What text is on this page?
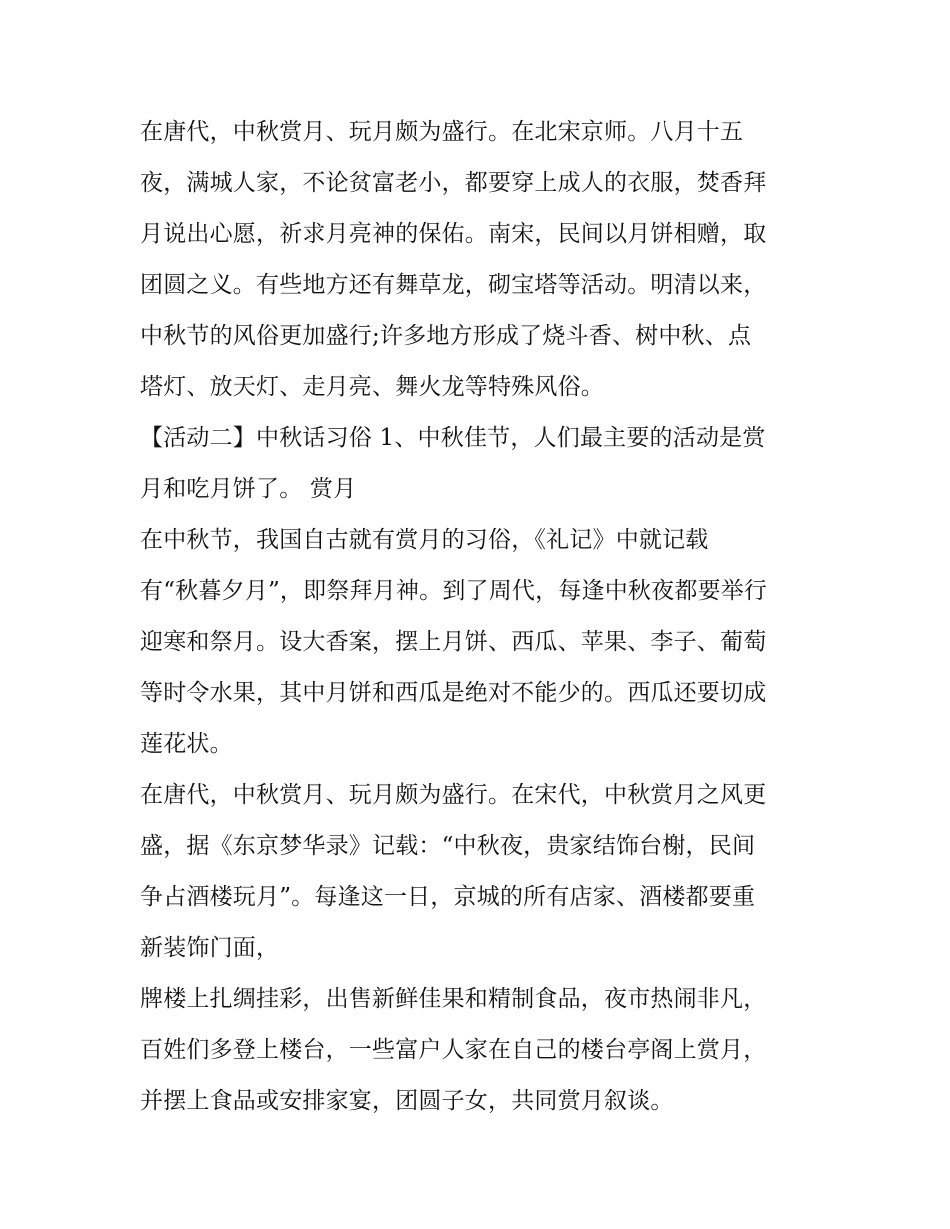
在唐代，中秋赏月、玩月颇为盛行。在北宋京师。八月十五
夜，满城人家，不论贫富老小，都要穿上成人的衣服，焚香拜
月说出心愿，祈求月亮神的保佑。南宋，民间以月饼相赠，取
团圆之义。有些地方还有舞草龙，砌宝塔等活动。明清以来，
中秋节的风俗更加盛行;许多地方形成了烧斗香、树中秋、点
塔灯、放天灯、走月亮、舞火龙等特殊风俗。
【活动二】中秋话习俗 1、中秋佳节，人们最主要的活动是赏
月和吃月饼了。 赏月
在中秋节，我国自古就有赏月的习俗，《礼记》中就记载
有“秋暮夕月”，即祭拜月神。到了周代，每逢中秋夜都要举行
迎寒和祭月。设大香案，摆上月饼、西瓜、苹果、李子、葡萄
等时令水果，其中月饼和西瓜是绝对不能少的。西瓜还要切成
莲花状。
在唐代，中秋赏月、玩月颇为盛行。在宋代，中秋赏月之风更
盛，据《东京梦华录》记载：“中秋夜，贵家结饰台榭，民间
争占酒楼玩月”。每逢这一日，京城的所有店家、酒楼都要重
新装饰门面，
牌楼上扎绸挂彩，出售新鲜佳果和精制食品，夜市热闹非凡，
百姓们多登上楼台，一些富户人家在自己的楼台亭阁上赏月，
并摆上食品或安排家宴，团圆子女，共同赏月叙谈。
